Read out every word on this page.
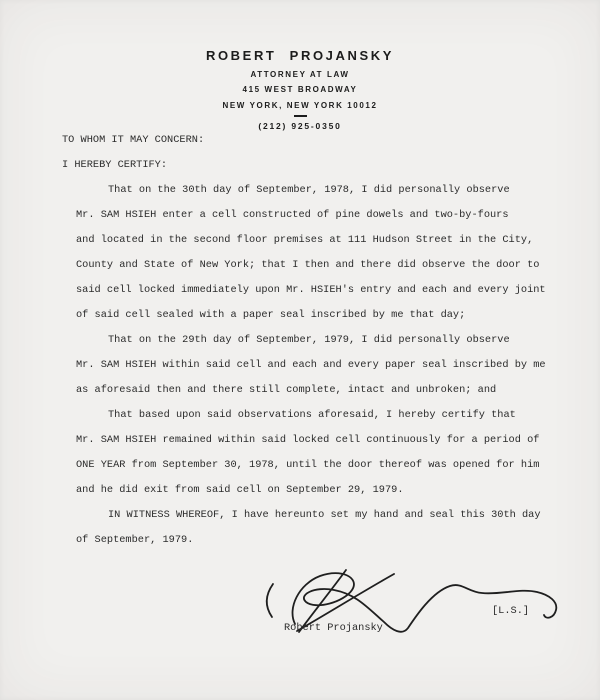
ROBERT PROJANSKY
ATTORNEY AT LAW
415 WEST BROADWAY
NEW YORK, NEW YORK 10012
(212) 925-0350
TO WHOM IT MAY CONCERN:
I HEREBY CERTIFY:
That on the 30th day of September, 1978, I did personally observe
Mr. SAM HSIEH enter a cell constructed of pine dowels and two-by-fours
and located in the second floor premises at 111 Hudson Street in the City,
County and State of New York; that I then and there did observe the door to
said cell locked immediately upon Mr. HSIEH's entry and each and every joint
of said cell sealed with a paper seal inscribed by me that day;
That on the 29th day of September, 1979, I did personally observe
Mr. SAM HSIEH within said cell and each and every paper seal inscribed by me
as aforesaid then and there still complete, intact and unbroken; and
That based upon said observations aforesaid, I hereby certify that
Mr. SAM HSIEH remained within said locked cell continuously for a period of
ONE YEAR from September 30, 1978, until the door thereof was opened for him
and he did exit from said cell on September 29, 1979.
IN WITNESS WHEREOF, I have hereunto set my hand and seal this 30th day
of September, 1979.
Robert Projansky
[L.S.]
